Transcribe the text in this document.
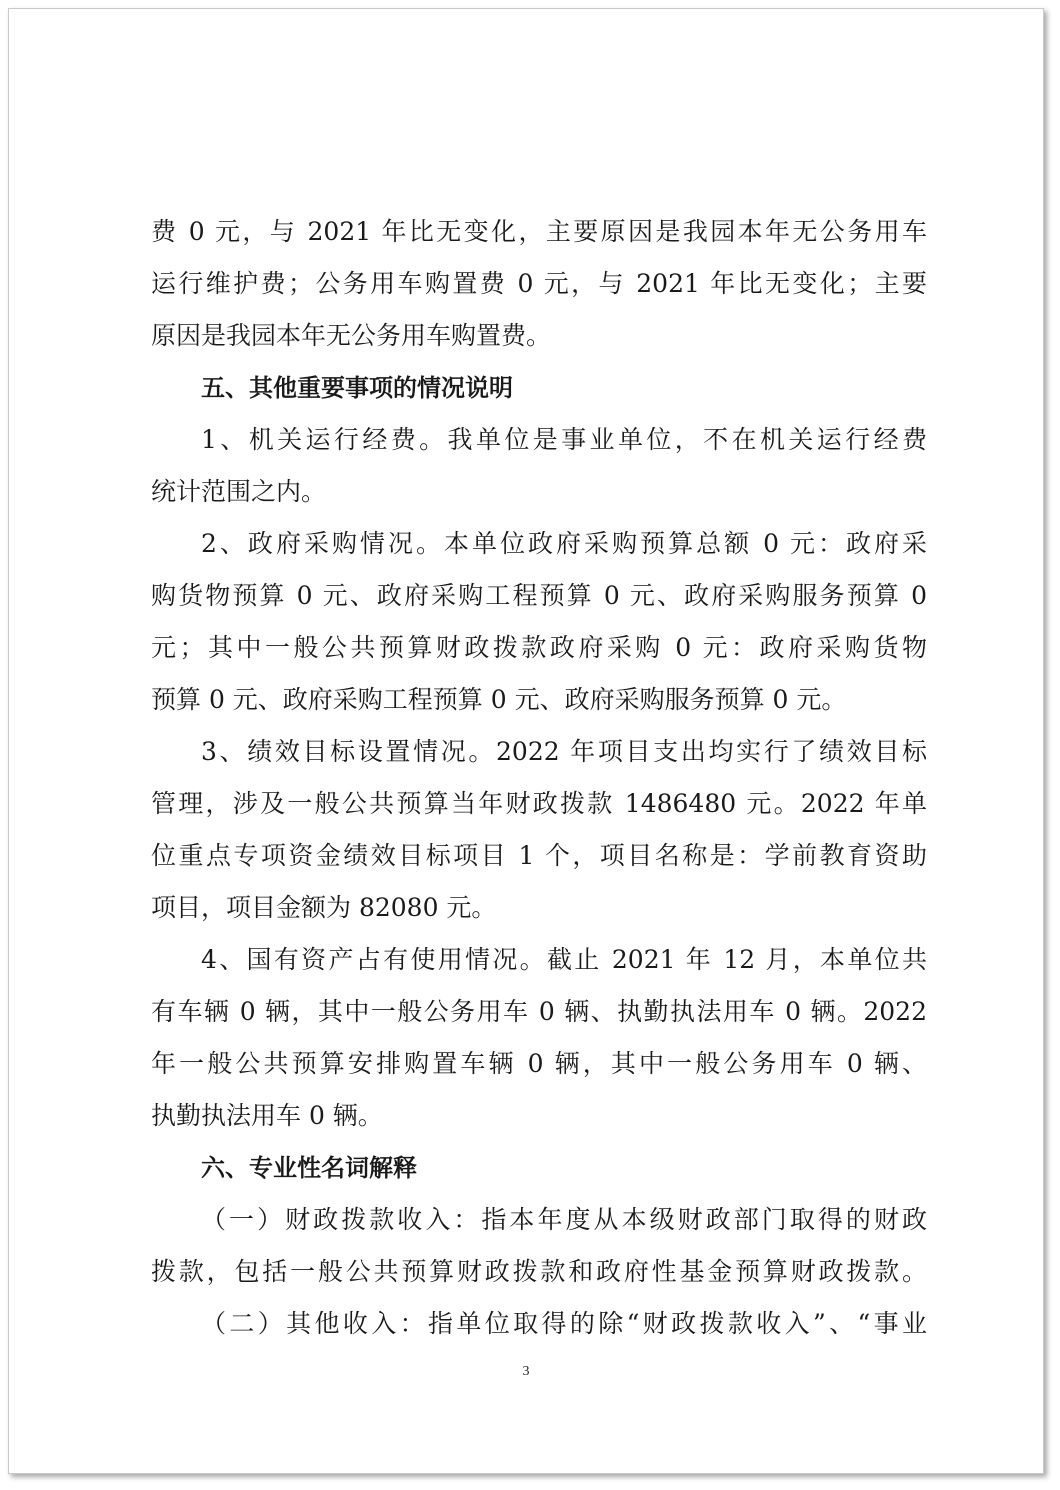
费 0 元，与 2021 年比无变化，主要原因是我园本年无公务用车
运行维护费；公务用车购置费 0 元，与 2021 年比无变化；主要
原因是我园本年无公务用车购置费。
五、其他重要事项的情况说明
1、机关运行经费。我单位是事业单位，不在机关运行经费
统计范围之内。
2、政府采购情况。本单位政府采购预算总额 0 元：政府采
购货物预算 0 元、政府采购工程预算 0 元、政府采购服务预算 0
元；其中一般公共预算财政拨款政府采购 0 元：政府采购货物
预算 0 元、政府采购工程预算 0 元、政府采购服务预算 0 元。
3、绩效目标设置情况。2022 年项目支出均实行了绩效目标
管理，涉及一般公共预算当年财政拨款 1486480 元。2022 年单
位重点专项资金绩效目标项目 1 个，项目名称是：学前教育资助
项目，项目金额为 82080 元。
4、国有资产占有使用情况。截止 2021 年 12 月，本单位共
有车辆 0 辆，其中一般公务用车 0 辆、执勤执法用车 0 辆。2022
年一般公共预算安排购置车辆 0 辆，其中一般公务用车 0 辆、
执勤执法用车 0 辆。
六、专业性名词解释
（一）财政拨款收入：指本年度从本级财政部门取得的财政
拨款，包括一般公共预算财政拨款和政府性基金预算财政拨款。
（二）其他收入：指单位取得的除“财政拨款收入”、“事业
3
